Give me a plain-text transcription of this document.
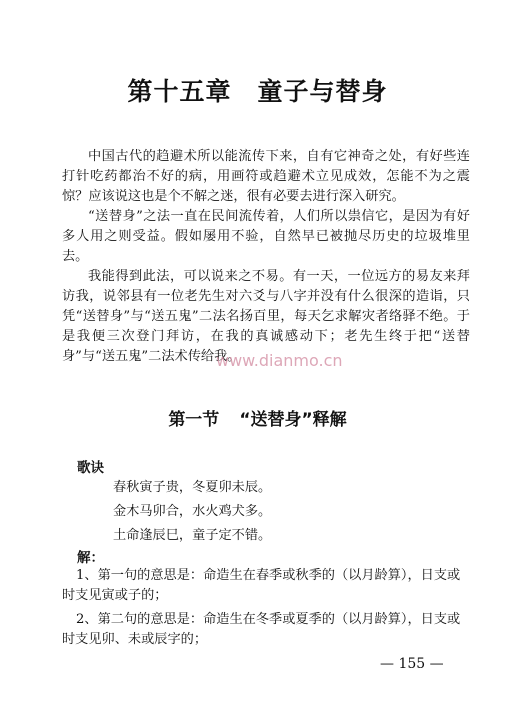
第十五章 童子与替身

中国古代的趋避术所以能流传下来，自有它神奇之处，有好些连打针吃药都治不好的病，用画符或趋避术立见成效，怎能不为之震惊？应该说这也是个不解之迷，很有必要去进行深入研究。

“送替身”之法一直在民间流传着，人们所以祟信它，是因为有好多人用之则受益。假如屡用不验，自然早已被抛尽历史的垃圾堆里去。

我能得到此法，可以说来之不易。有一天，一位远方的易友来拜访我，说邻县有一位老先生对六爻与八字并没有什么很深的造诣，只凭“送替身”与“送五鬼”二法名扬百里，每天乞求解灾者络驿不绝。于是我便三次登门拜访，在我的真诚感动下；老先生终于把“送替身”与“送五鬼”二法术传给我。

www.dianmo.cn
第一节 “送替身”释解
歌诀
春秋寅子贵，冬夏卯未辰。
金木马卯合，水火鸡犬多。
土命逢辰巳，童子定不错。
解：

1、第一句的意思是：命造生在春季或秋季的（以月龄算），日支或时支见寅或子的；

2、第二句的意思是：命造生在冬季或夏季的（以月龄算），日支或时支见卯、未或辰字的；

— 155 —
